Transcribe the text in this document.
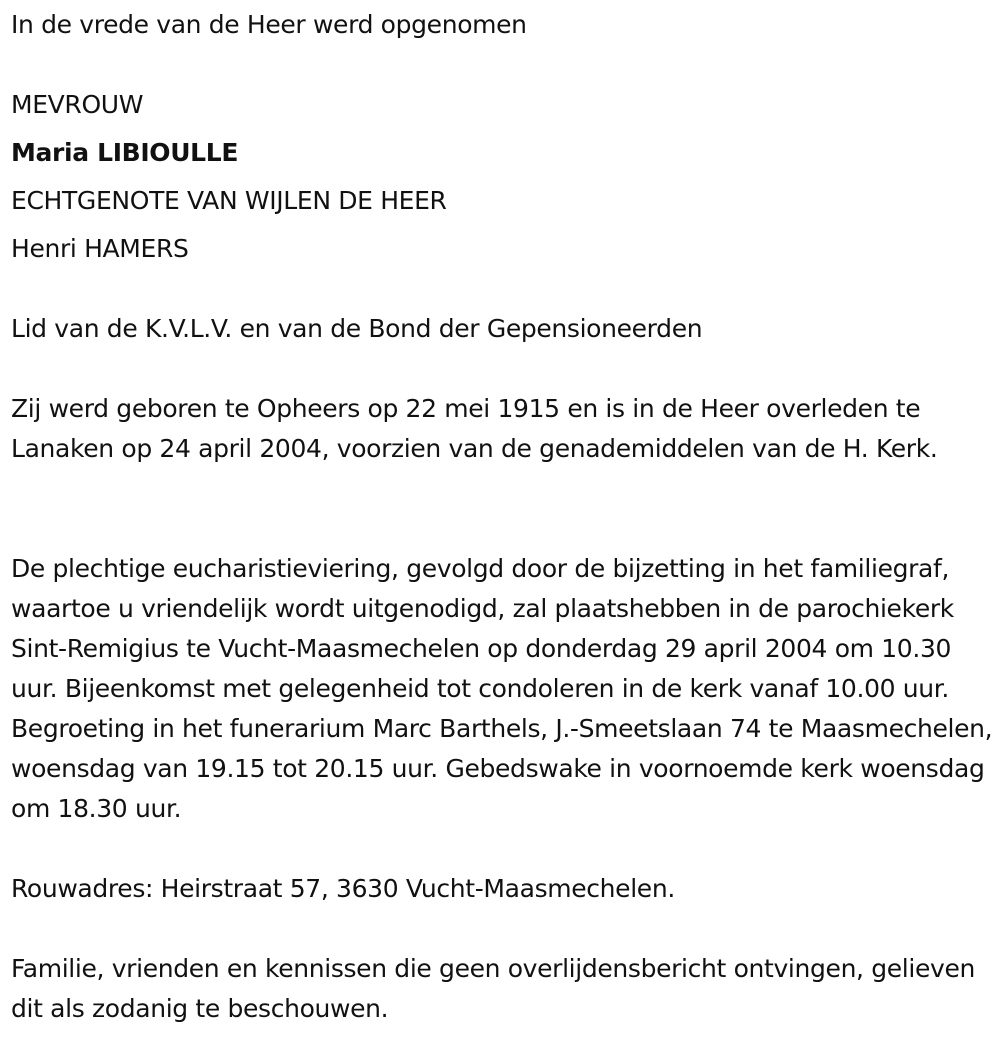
In de vrede van de Heer werd opgenomen
MEVROUW
Maria LIBIOULLE
ECHTGENOTE VAN WIJLEN DE HEER
Henri HAMERS
Lid van de K.V.L.V. en van de Bond der Gepensioneerden
Zij werd geboren te Opheers op 22 mei 1915 en is in de Heer overleden te Lanaken op 24 april 2004, voorzien van de genademiddelen van de H. Kerk.
De plechtige eucharistieviering, gevolgd door de bijzetting in het familiegraf, waartoe u vriendelijk wordt uitgenodigd, zal plaatshebben in de parochiekerk Sint-Remigius te Vucht-Maasmechelen op donderdag 29 april 2004 om 10.30 uur. Bijeenkomst met gelegenheid tot condoleren in de kerk vanaf 10.00 uur. Begroeting in het funerarium Marc Barthels, J.-Smeetslaan 74 te Maasmechelen, woensdag van 19.15 tot 20.15 uur. Gebedswake in voornoemde kerk woensdag om 18.30 uur.
Rouwadres: Heirstraat 57, 3630 Vucht-Maasmechelen.
Familie, vrienden en kennissen die geen overlijdensbericht ontvingen, gelieven dit als zodanig te beschouwen.
